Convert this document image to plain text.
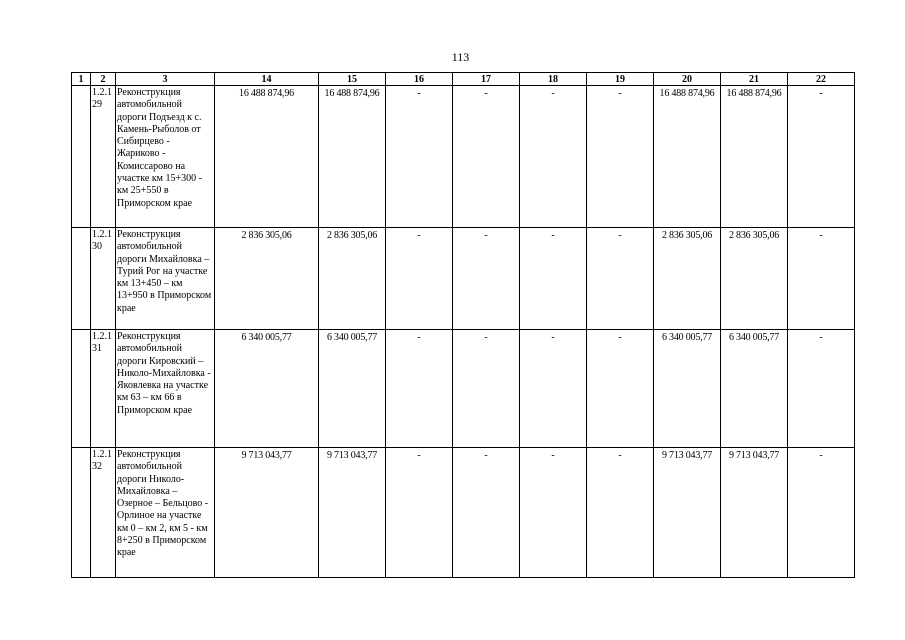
113
1	2	3	14	15	16	17	18	19	20	21	22
	1.2.1 29	Реконструкция автомобильной дороги Подъезд к с. Камень-Рыболов от Сибирцево - Жариково - Комиссарово на участке км 15+300 - км 25+550 в Приморском крае	16 488 874,96	16 488 874,96	-	-	-	-	16 488 874,96	16 488 874,96	-
	1.2.1 30	Реконструкция автомобильной дороги Михайловка – Турий Рог на участке км 13+450 – км 13+950 в Приморском крае	2 836 305,06	2 836 305,06	-	-	-	-	2 836 305,06	2 836 305,06	-
	1.2.1 31	Реконструкция автомобильной дороги Кировский – Николо-Михайловка - Яковлевка на участке км 63 – км 66 в Приморском крае	6 340 005,77	6 340 005,77	-	-	-	-	6 340 005,77	6 340 005,77	-
	1.2.1 32	Реконструкция автомобильной дороги Николо-Михайловка – Озерное – Бельцово - Орлиное на участке км 0 – км 2, км 5 - км 8+250 в Приморском крае	9 713 043,77	9 713 043,77	-	-	-	-	9 713 043,77	9 713 043,77	-
